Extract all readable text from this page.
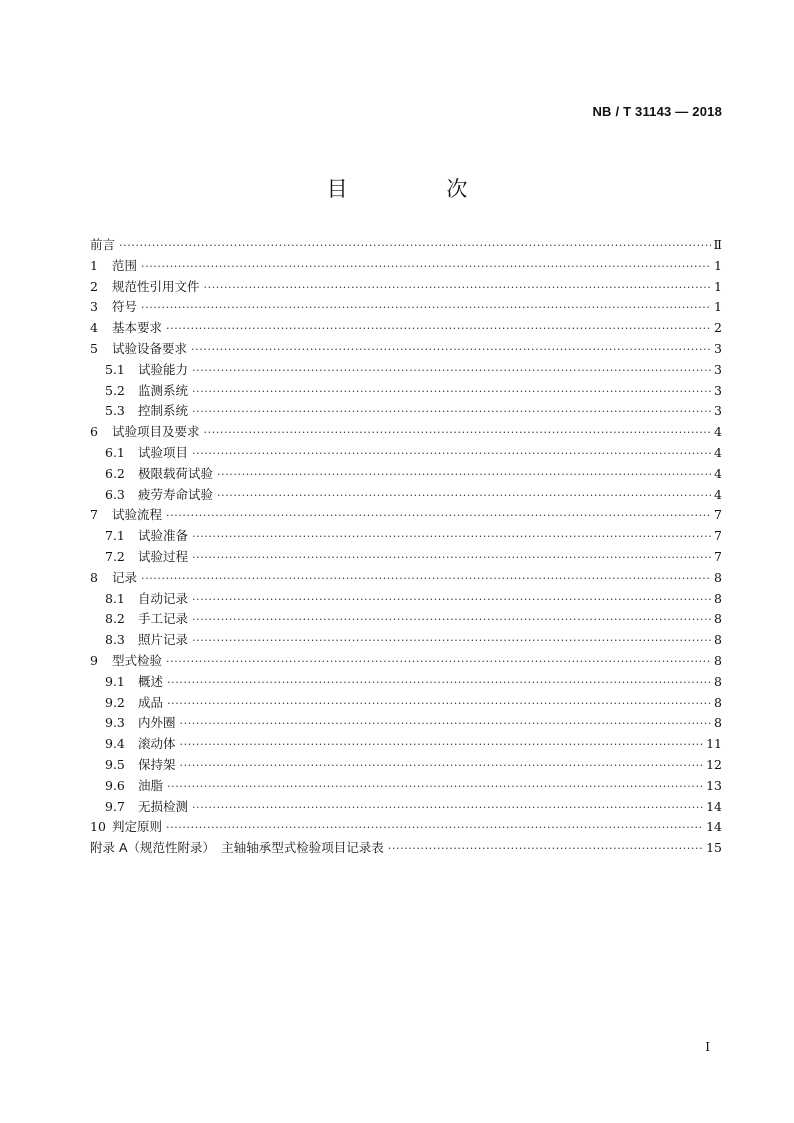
NB / T 31143 — 2018
目 次
前言 ·····	Ⅱ
1	范围 ·····	1
2	规范性引用文件 ·····	1
3	符号 ·····	1
4	基本要求 ·····	2
5	试验设备要求 ·····	3
5.1	试验能力 ·····	3
5.2	监测系统 ·····	3
5.3	控制系统 ·····	3
6	试验项目及要求 ·····	4
6.1	试验项目 ·····	4
6.2	极限载荷试验 ·····	4
6.3	疲劳寿命试验 ·····	4
7	试验流程 ·····	7
7.1	试验准备 ·····	7
7.2	试验过程 ·····	7
8	记录 ·····	8
8.1	自动记录 ·····	8
8.2	手工记录 ·····	8
8.3	照片记录 ·····	8
9	型式检验 ·····	8
9.1	概述 ·····	8
9.2	成品 ·····	8
9.3	内外圈 ·····	8
9.4	滚动体 ·····	11
9.5	保持架 ·····	12
9.6	油脂 ·····	13
9.7	无损检测 ·····	14
10 判定原则 ·····	14
附录 A（规范性附录）　主轴轴承型式检验项目记录表 ·····	15
I
